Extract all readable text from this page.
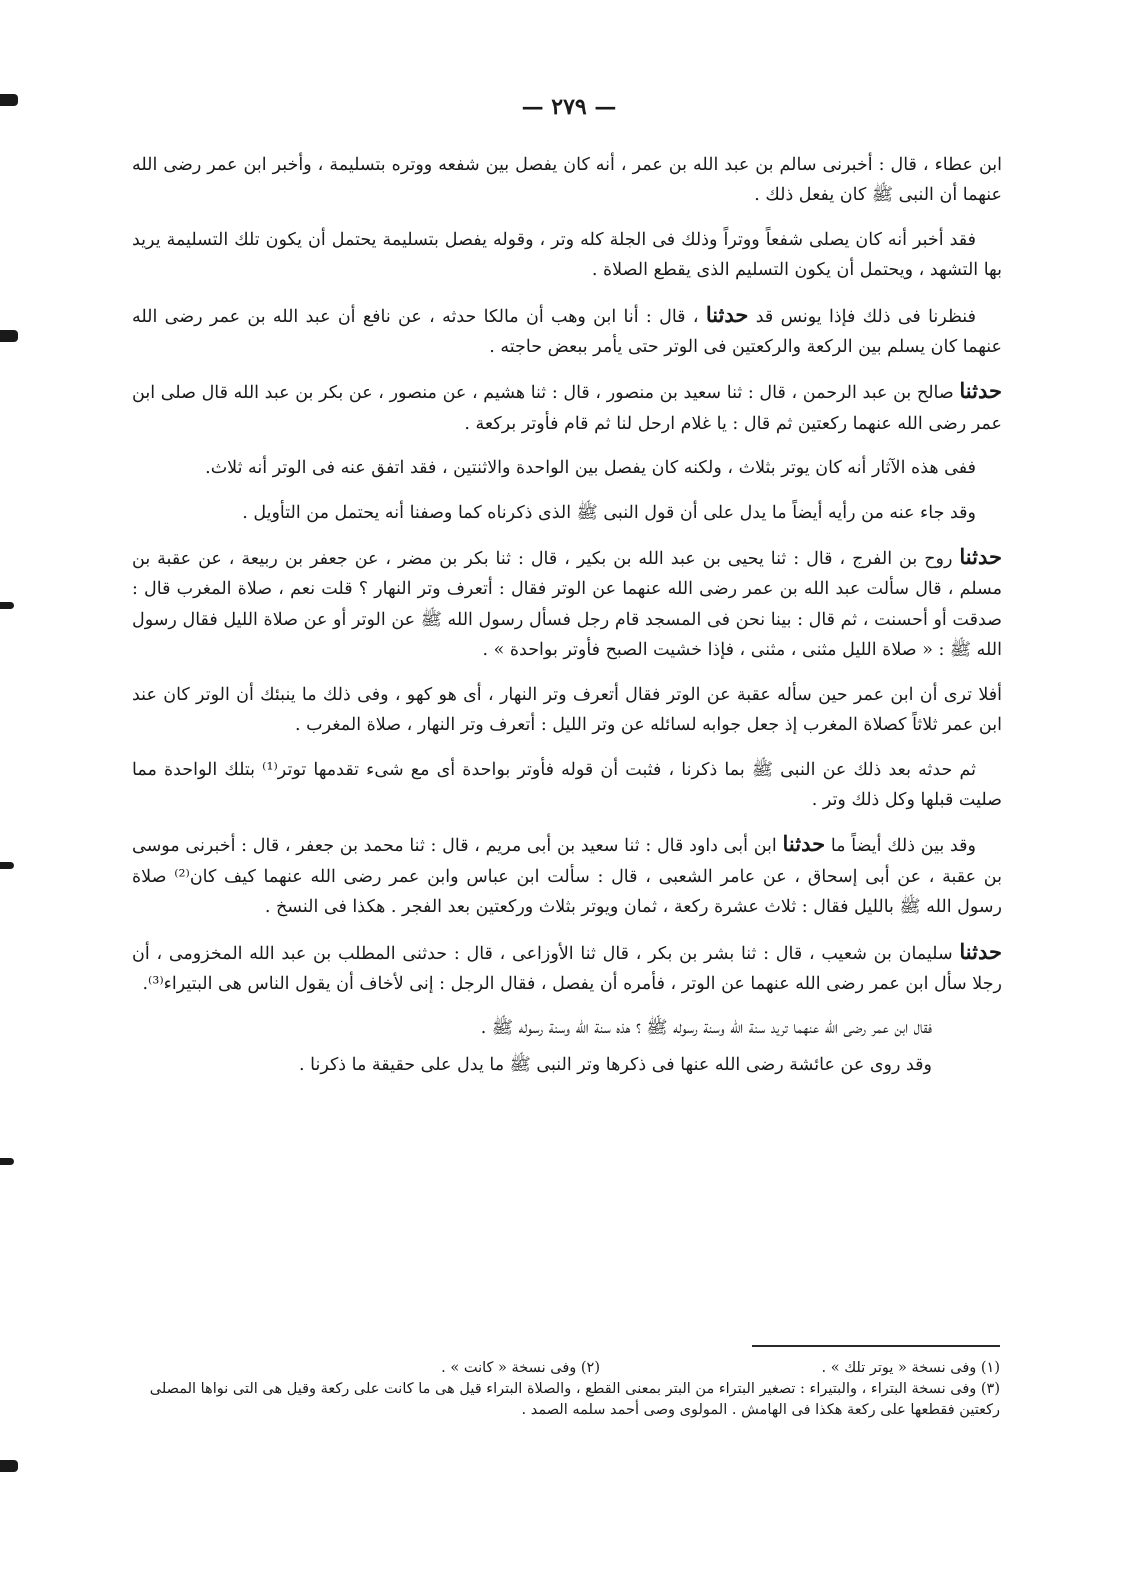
— ٢٧٩ —

ابن عطاء ، قال : أخبرنى سالم بن عبد الله بن عمر ، أنه كان يفصل بين شفعه ووتره بتسليمة ، وأخبر ابن عمر رضى الله عنهما أن النبى ﷺ كان يفعل ذلك .

فقد أخبر أنه كان يصلى شفعاً ووتراً وذلك فى الجلة كله وتر ، وقوله يفصل بتسليمة يحتمل أن يكون تلك التسليمة يريد بها التشهد ، ويحتمل أن يكون التسليم الذى يقطع الصلاة .

فنظرنا فى ذلك فإذا يونس قد حدثنا ، قال : أنا ابن وهب أن مالكا حدثه ، عن نافع أن عبد الله بن عمر رضى الله عنهما كان يسلم بين الركعة والركعتين فى الوتر حتى يأمر ببعض حاجته .

حدثنا صالح بن عبد الرحمن ، قال : ثنا سعيد بن منصور ، قال : ثنا هشيم ، عن منصور ، عن بكر بن عبد الله قال صلى ابن عمر رضى الله عنهما ركعتين ثم قال : يا غلام ارحل لنا ثم قام فأوتر بركعة .

ففى هذه الآثار أنه كان يوتر بثلاث ، ولكنه كان يفصل بين الواحدة والاثنتين ، فقد اتفق عنه فى الوتر أنه ثلاث.

وقد جاء عنه من رأيه أيضاً ما يدل على أن قول النبى ﷺ الذى ذكرناه كما وصفنا أنه يحتمل من التأويل .

حدثنا روح بن الفرج ، قال : ثنا يحيى بن عبد الله بن بكير ، قال : ثنا بكر بن مضر ، عن جعفر بن ربيعة ، عن عقبة بن مسلم ، قال سألت عبد الله بن عمر رضى الله عنهما عن الوتر فقال : أتعرف وتر النهار ؟ قلت نعم ، صلاة المغرب قال : صدقت أو أحسنت ، ثم قال : بينا نحن فى المسجد قام رجل فسأل رسول الله ﷺ عن الوتر أو عن صلاة الليل فقال رسول الله ﷺ : « صلاة الليل مثنى ، مثنى ، فإذا خشيت الصبح فأوتر بواحدة » .

أفلا ترى أن ابن عمر حين سأله عقبة عن الوتر فقال أتعرف وتر النهار ، أى هو كهو ، وفى ذلك ما ينبئك أن الوتر كان عند ابن عمر ثلاثاً كصلاة المغرب إذ جعل جوابه لسائله عن وتر الليل : أتعرف وتر النهار ، صلاة المغرب .

ثم حدثه بعد ذلك عن النبى ﷺ بما ذكرنا ، فثبت أن قوله فأوتر بواحدة أى مع شىء تقدمها توتر⁽¹⁾ بتلك الواحدة مما صليت قبلها وكل ذلك وتر .

وقد بين ذلك أيضاً ما حدثنا ابن أبى داود قال : ثنا سعيد بن أبى مريم ، قال : ثنا محمد بن جعفر ، قال : أخبرنى موسى بن عقبة ، عن أبى إسحاق ، عن عامر الشعبى ، قال : سألت ابن عباس وابن عمر رضى الله عنهما كيف كان⁽²⁾ صلاة رسول الله ﷺ بالليل فقال : ثلاث عشرة ركعة ، ثمان ويوتر بثلاث وركعتين بعد الفجر . هكذا فى النسخ .

حدثنا سليمان بن شعيب ، قال : ثنا بشر بن بكر ، قال ثنا الأوزاعى ، قال : حدثنى المطلب بن عبد الله المخزومى ، أن رجلا سأل ابن عمر رضى الله عنهما عن الوتر ، فأمره أن يفصل ، فقال الرجل : إنى لأخاف أن يقول الناس هى البتيراء⁽³⁾.

فقال ابن عمر رضى الله عنهما تريد سنة الله وسنة رسوله ﷺ ؟ هذه سنة الله وسنة رسوله ﷺ .

وقد روى عن عائشة رضى الله عنها فى ذكرها وتر النبى ﷺ ما يدل على حقيقة ما ذكرنا .

(١) وفى نسخة « يوتر تلك » .
(٢) وفى نسخة « كانت » .

(٣) وفى نسخة البتراء ، والبتيراء : تصغير البتراء من البتر بمعنى القطع ، والصلاة البتراء قيل هى ما كانت على ركعة وقيل هى التى نواها المصلى ركعتين فقطعها على ركعة هكذا فى الهامش . المولوى وصى أحمد سلمه الصمد .
